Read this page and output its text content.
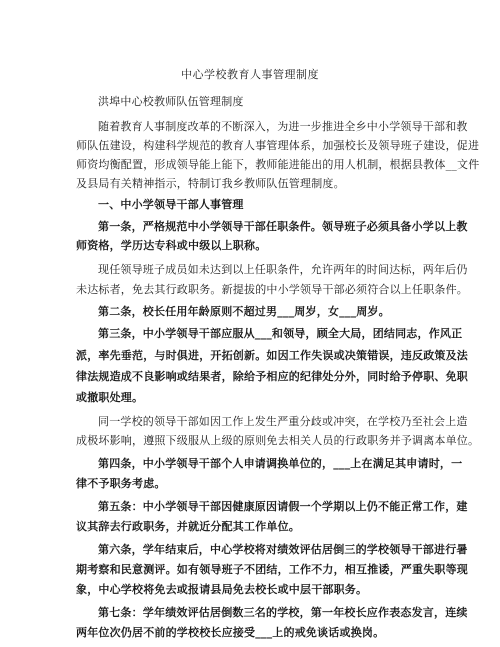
中心学校教育人事管理制度
洪埠中心校教师队伍管理制度
随着教育人事制度改革的不断深入，为进一步推进全乡中小学领导干部和教
师队伍建设，构建科学规范的教育人事管理体系，加强校长及领导班子建设，促进
师资均衡配置，形成领导能上能下，教师能进能出的用人机制，根据县教体__文件
及县局有关精神指示，特制订我乡教师队伍管理制度。
一、中小学领导干部人事管理
第一条，严格规范中小学领导干部任职条件。领导班子必须具备小学以上教
师资格，学历达专科或中级以上职称。
现任领导班子成员如未达到以上任职条件，允许两年的时间达标，两年后仍
未达标者，免去其行政职务。新提拔的中小学领导干部必须符合以上任职条件。
第二条，校长任用年龄原则不超过男___周岁，女___周岁。
第三条，中小学领导干部应服从___和领导，顾全大局，团结同志，作风正
派，率先垂范，与时俱进，开拓创新。如因工作失误或决策错误，违反政策及法
律法规造成不良影响或结果者，除给予相应的纪律处分外，同时给予停职、免职
或撤职处理。
同一学校的领导干部如因工作上发生严重分歧或冲突，在学校乃至社会上造
成极坏影响，遵照下级服从上级的原则免去相关人员的行政职务并予调离本单位。
第四条，中小学领导干部个人申请调换单位的，___上在满足其申请时，一
律不予职务考虑。
第五条：中小学领导干部因健康原因请假一个学期以上仍不能正常工作，建
议其辞去行政职务，并就近分配其工作单位。
第六条，学年结束后，中心学校将对绩效评估居倒三的学校领导干部进行暑
期考察和民意测评。如有领导班子不团结，工作不力，相互推诿，严重失职等现
象，中心学校将免去或报请县局免去校长或中层干部职务。
第七条：学年绩效评估居倒数三名的学校，第一年校长应作表态发言，连续
两年位次仍居不前的学校校长应接受___上的戒免谈话或换岗。
